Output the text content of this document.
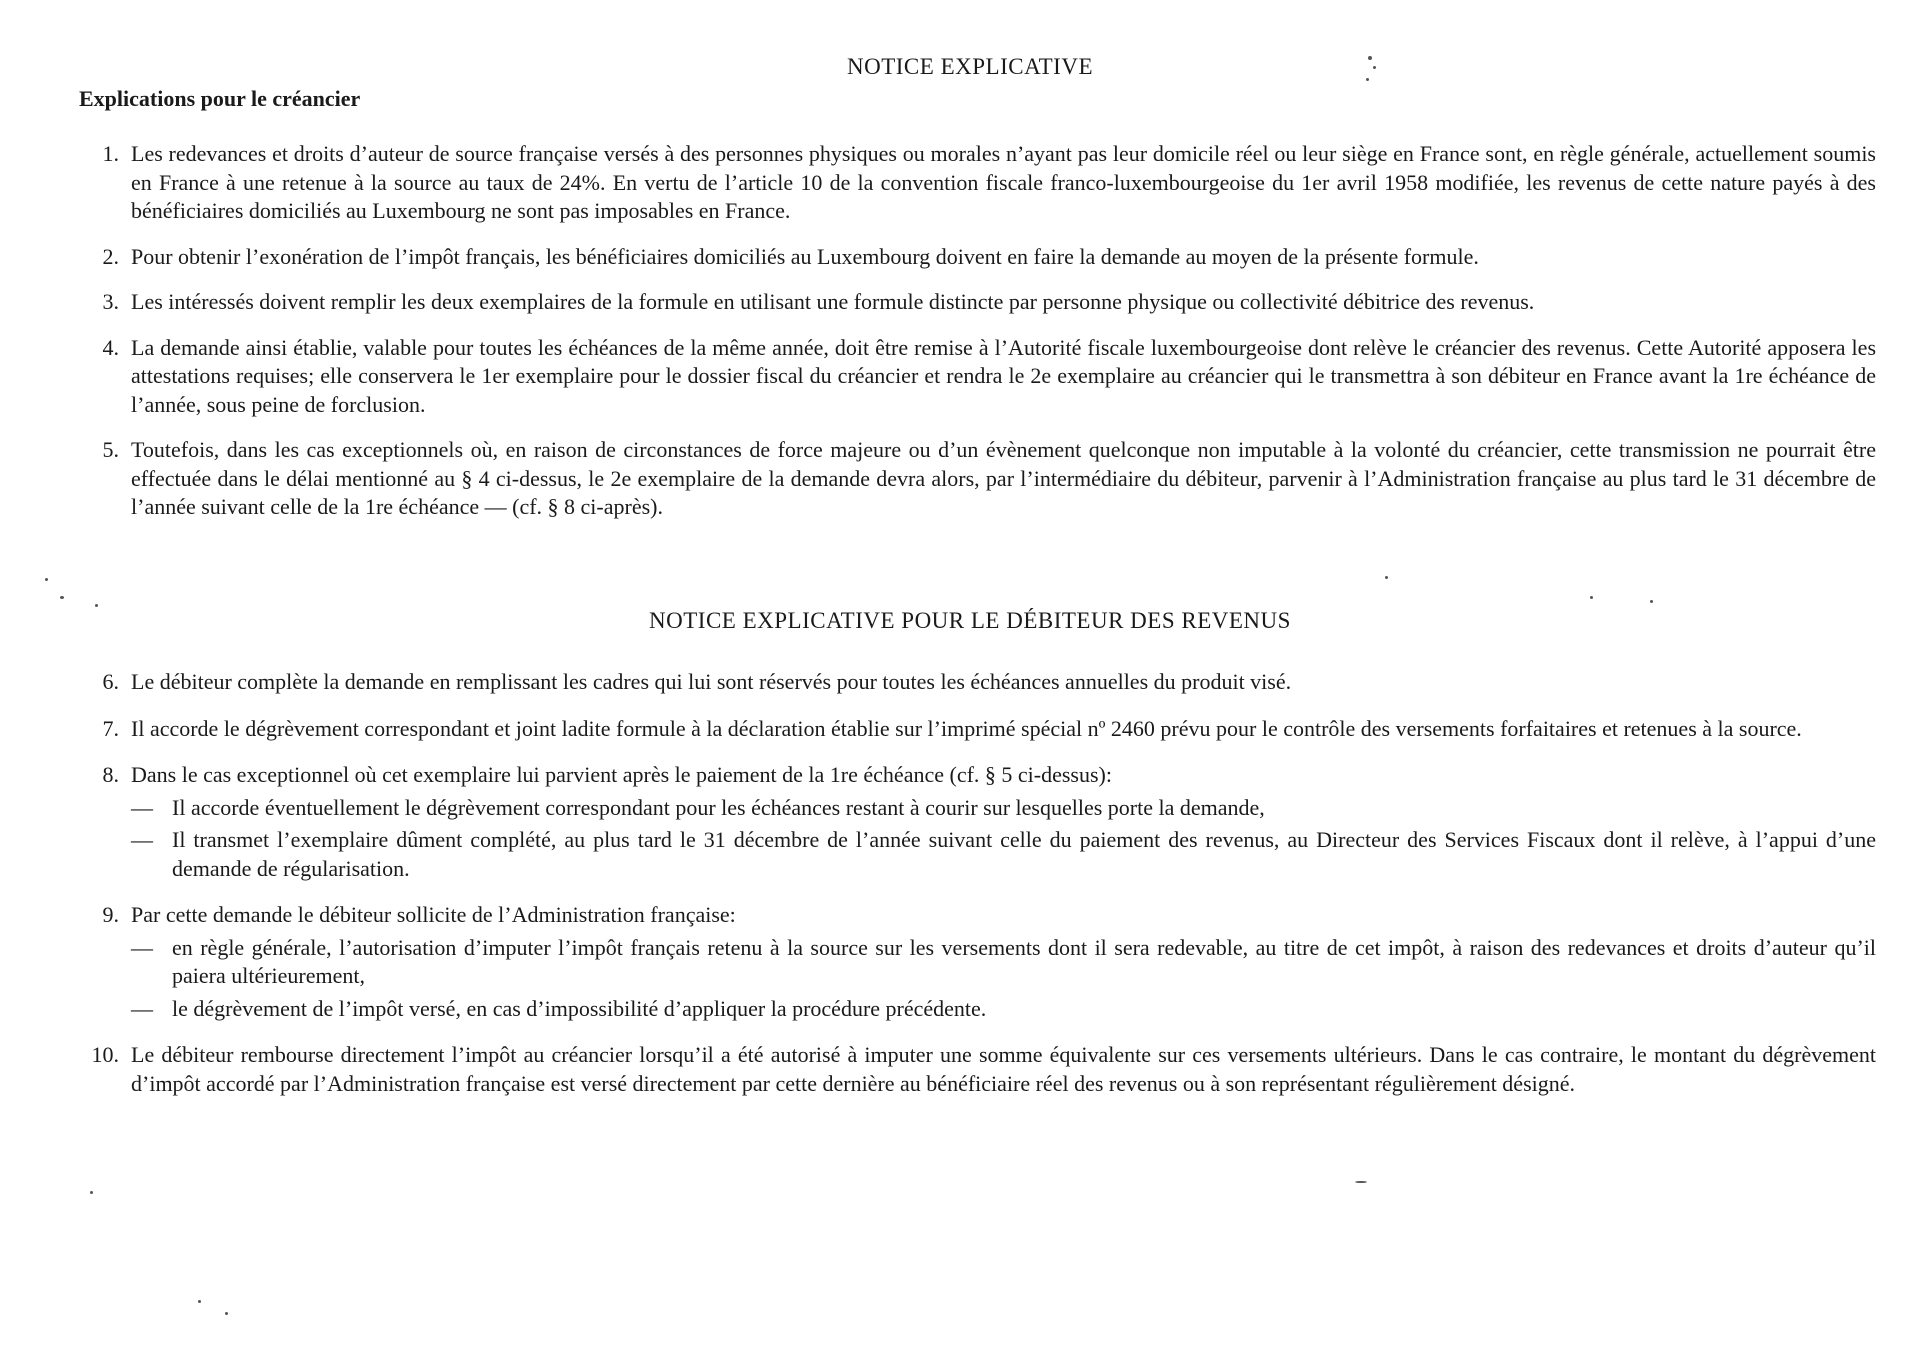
NOTICE EXPLICATIVE
Explications pour le créancier
1. Les redevances et droits d’auteur de source française versés à des personnes physiques ou morales n’ayant pas leur domicile réel ou leur siège en France sont, en règle générale, actuellement soumis en France à une retenue à la source au taux de 24%. En vertu de l’article 10 de la convention fiscale franco-luxembourgeoise du 1er avril 1958 modifiée, les revenus de cette nature payés à des bénéficiaires domiciliés au Luxembourg ne sont pas imposables en France.
2. Pour obtenir l’exonération de l’impôt français, les bénéficiaires domiciliés au Luxembourg doivent en faire la demande au moyen de la présente formule.
3. Les intéressés doivent remplir les deux exemplaires de la formule en utilisant une formule distincte par personne physique ou collectivité débitrice des revenus.
4. La demande ainsi établie, valable pour toutes les échéances de la même année, doit être remise à l’Autorité fiscale luxembourgeoise dont relève le créancier des revenus. Cette Autorité apposera les attestations requises; elle conservera le 1er exemplaire pour le dossier fiscal du créancier et rendra le 2e exemplaire au créancier qui le transmettra à son débiteur en France avant la 1re échéance de l’année, sous peine de forclusion.
5. Toutefois, dans les cas exceptionnels où, en raison de circonstances de force majeure ou d’un évènement quelconque non imputable à la volonté du créancier, cette transmission ne pourrait être effectuée dans le délai mentionné au § 4 ci-dessus, le 2e exemplaire de la demande devra alors, par l’intermédiaire du débiteur, parvenir à l’Administration française au plus tard le 31 décembre de l’année suivant celle de la 1re échéance — (cf. § 8 ci-après).
NOTICE EXPLICATIVE POUR LE DÉBITEUR DES REVENUS
6. Le débiteur complète la demande en remplissant les cadres qui lui sont réservés pour toutes les échéances annuelles du produit visé.
7. Il accorde le dégrèvement correspondant et joint ladite formule à la déclaration établie sur l’imprimé spécial nº 2460 prévu pour le contrôle des versements forfaitaires et retenues à la source.
8. Dans le cas exceptionnel où cet exemplaire lui parvient après le paiement de la 1re échéance (cf. § 5 ci-dessus):
— Il accorde éventuellement le dégrèvement correspondant pour les échéances restant à courir sur lesquelles porte la demande,
— Il transmet l’exemplaire dûment complété, au plus tard le 31 décembre de l’année suivant celle du paiement des revenus, au Directeur des Services Fiscaux dont il relève, à l’appui d’une demande de régularisation.
9. Par cette demande le débiteur sollicite de l’Administration française:
— en règle générale, l’autorisation d’imputer l’impôt français retenu à la source sur les versements dont il sera redevable, au titre de cet impôt, à raison des redevances et droits d’auteur qu’il paiera ultérieurement,
— le dégrèvement de l’impôt versé, en cas d’impossibilité d’appliquer la procédure précédente.
10. Le débiteur rembourse directement l’impôt au créancier lorsqu’il a été autorisé à imputer une somme équivalente sur ces versements ultérieurs. Dans le cas contraire, le montant du dégrèvement d’impôt accordé par l’Administration française est versé directement par cette dernière au bénéficiaire réel des revenus ou à son représentant régulièrement désigné.
